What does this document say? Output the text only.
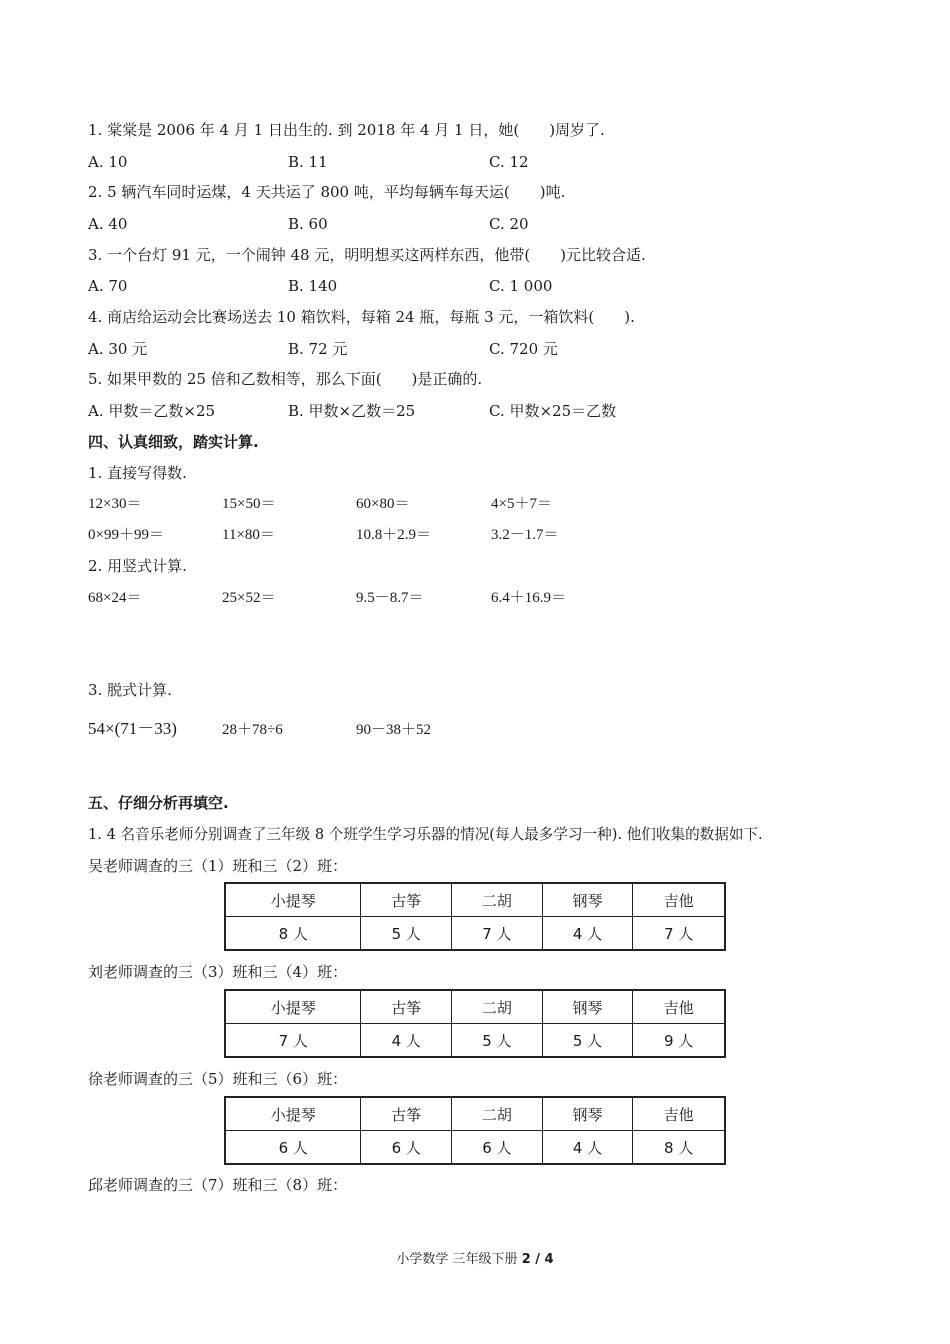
1. 棠棠是 2006 年 4 月 1 日出生的. 到 2018 年 4 月 1 日，她(　　)周岁了.
A. 10	B. 11	C. 12
2. 5 辆汽车同时运煤，4 天共运了 800 吨，平均每辆车每天运(　　)吨.
A. 40	B. 60	C. 20
3. 一个台灯 91 元，一个闹钟 48 元，明明想买这两样东西，他带(　　)元比较合适.
A. 70	B. 140	C. 1 000
4. 商店给运动会比赛场送去 10 箱饮料，每箱 24 瓶，每瓶 3 元，一箱饮料(　　).
A. 30 元	B. 72 元	C. 720 元
5. 如果甲数的 25 倍和乙数相等，那么下面(　　)是正确的.
A. 甲数＝乙数×25	B. 甲数×乙数＝25	C. 甲数×25＝乙数
四、认真细致，踏实计算.
1. 直接写得数.
12×30＝	15×50＝	60×80＝	4×5＋7＝
0×99＋99＝	11×80＝	10.8＋2.9＝	3.2－1.7＝
2. 用竖式计算.
68×24＝	25×52＝	9.5－8.7＝	6.4＋16.9＝
3. 脱式计算.
54×(71－33)	28＋78÷6	90－38＋52
五、仔细分析再填空.
1. 4 名音乐老师分别调查了三年级 8 个班学生学习乐器的情况(每人最多学习一种). 他们收集的数据如下.
吴老师调查的三（1）班和三（2）班：
小提琴	古筝	二胡	钢琴	吉他
8 人	5 人	7 人	4 人	7 人
刘老师调查的三（3）班和三（4）班：
小提琴	古筝	二胡	钢琴	吉他
7 人	4 人	5 人	5 人	9 人
徐老师调查的三（5）班和三（6）班：
小提琴	古筝	二胡	钢琴	吉他
6 人	6 人	6 人	4 人	8 人
邱老师调查的三（7）班和三（8）班：
小学数学 三年级下册 2 / 4
